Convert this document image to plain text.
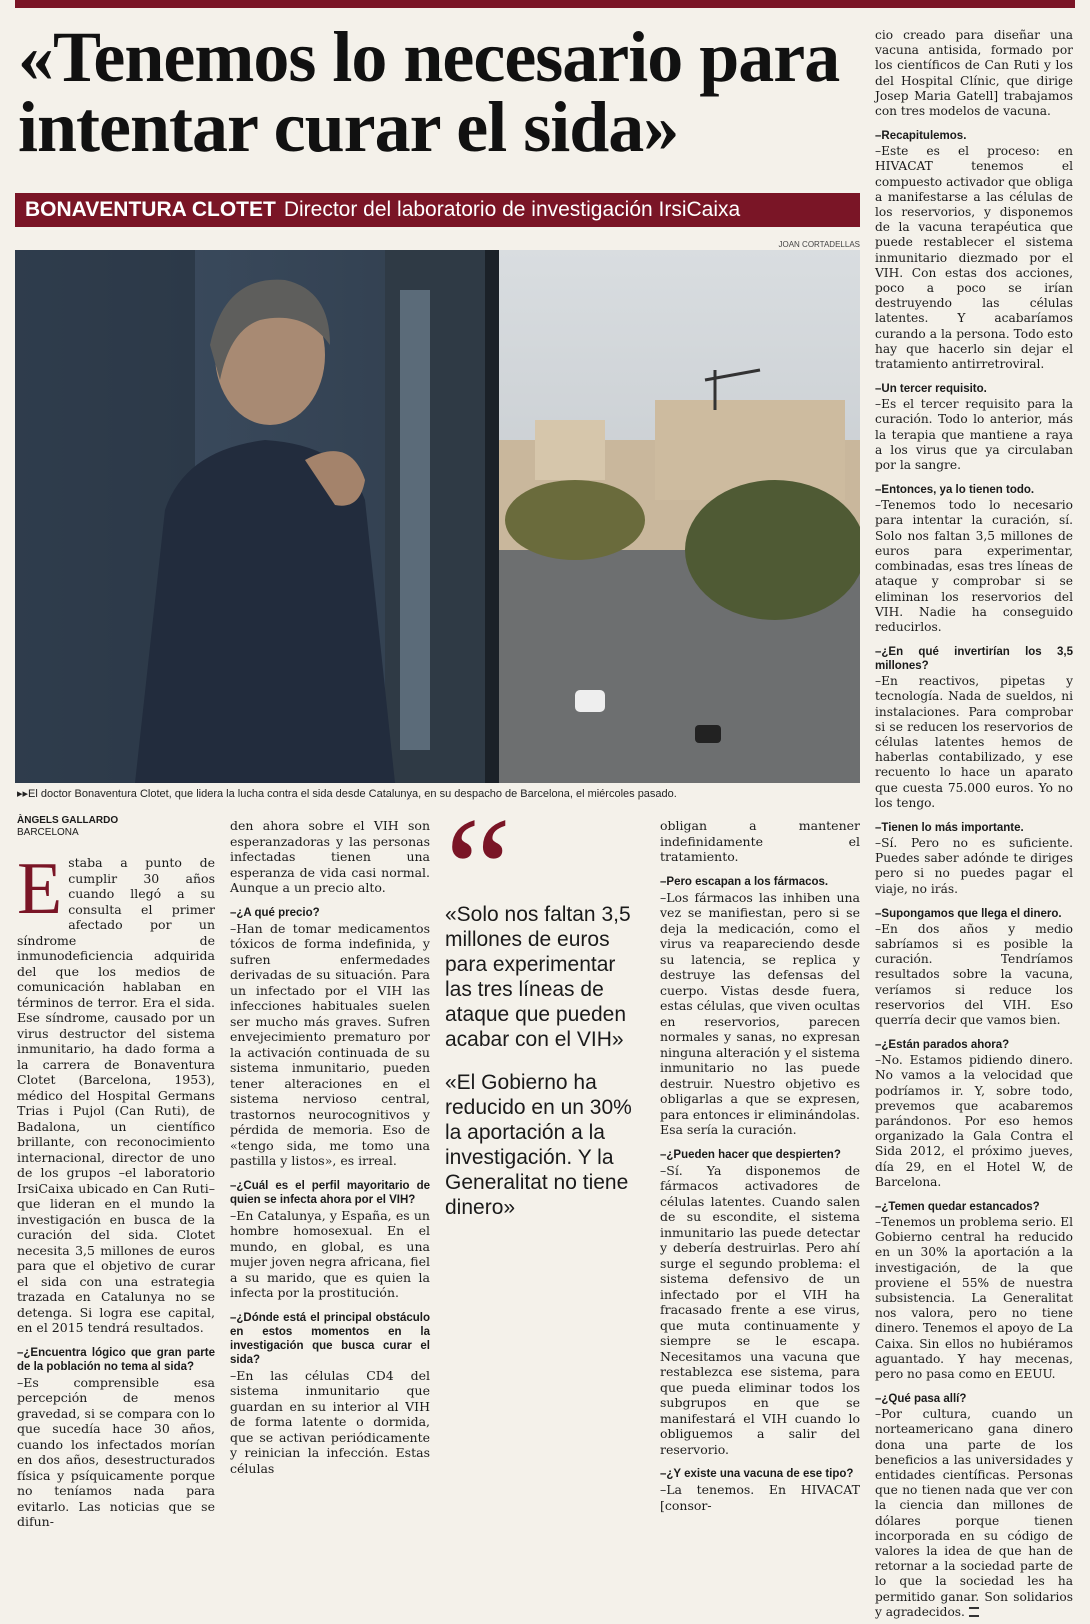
«Tenemos lo necesario para intentar curar el sida»
BONAVENTURA CLOTET Director del laboratorio de investigación IrsiCaixa
JOAN CORTADELLAS
▸▸El doctor Bonaventura Clotet, que lidera la lucha contra el sida desde Catalunya, en su despacho de Barcelona, el miércoles pasado.
ÀNGELS GALLARDO
BARCELONA

Estaba a punto de cumplir 30 años cuando llegó a su consulta el primer afectado por un síndrome de inmunodeficiencia adquirida del que los medios de comunicación hablaban en términos de terror. Era el sida. Ese síndrome, causado por un virus destructor del sistema inmunitario, ha dado forma a la carrera de Bonaventura Clotet (Barcelona, 1953), médico del Hospital Germans Trias i Pujol (Can Ruti), de Badalona, un científico brillante, con reconocimiento internacional, director de uno de los grupos –el laboratorio IrsiCaixa ubicado en Can Ruti– que lideran en el mundo la investigación en busca de la curación del sida. Clotet necesita 3,5 millones de euros para que el objetivo de curar el sida con una estrategia trazada en Catalunya no se detenga. Si logra ese capital, en el 2015 tendrá resultados.

–¿Encuentra lógico que gran parte de la población no tema al sida?

–Es comprensible esa percepción de menos gravedad, si se compara con lo que sucedía hace 30 años, cuando los infectados morían en dos años, desestructurados física y psíquicamente porque no teníamos nada para evitarlo. Las noticias que se difun-

den ahora sobre el VIH son esperanzadoras y las personas infectadas tienen una esperanza de vida casi normal. Aunque a un precio alto.

–¿A qué precio?

–Han de tomar medicamentos tóxicos de forma indefinida, y sufren enfermedades derivadas de su situación. Para un infectado por el VIH las infecciones habituales suelen ser mucho más graves. Sufren envejecimiento prematuro por la activación continuada de su sistema inmunitario, pueden tener alteraciones en el sistema nervioso central, trastornos neurocognitivos y pérdida de memoria. Eso de «tengo sida, me tomo una pastilla y listos», es irreal.

–¿Cuál es el perfil mayoritario de quien se infecta ahora por el VIH?

–En Catalunya, y España, es un hombre homosexual. En el mundo, en global, es una mujer joven negra africana, fiel a su marido, que es quien la infecta por la prostitución.

–¿Dónde está el principal obstáculo en estos momentos en la investigación que busca curar el sida?

–En las células CD4 del sistema inmunitario que guardan en su interior al VIH de forma latente o dormida, que se activan periódicamente y reinician la infección. Estas células

«Solo nos faltan 3,5 millones de euros para experimentar las tres líneas de ataque que pueden acabar con el VIH»

«El Gobierno ha reducido en un 30% la aportación a la investigación. Y la Generalitat no tiene dinero»

obligan a mantener indefinidamente el tratamiento.

–Pero escapan a los fármacos.

–Los fármacos las inhiben una vez se manifiestan, pero si se deja la medicación, como el virus va reapareciendo desde su latencia, se replica y destruye las defensas del cuerpo. Vistas desde fuera, estas células, que viven ocultas en reservorios, parecen normales y sanas, no expresan ninguna alteración y el sistema inmunitario no las puede destruir. Nuestro objetivo es obligarlas a que se expresen, para entonces ir eliminándolas. Esa sería la curación.

–¿Pueden hacer que despierten?

–Sí. Ya disponemos de fármacos activadores de células latentes. Cuando salen de su escondite, el sistema inmunitario las puede detectar y debería destruirlas. Pero ahí surge el segundo problema: el sistema defensivo de un infectado por el VIH ha fracasado frente a ese virus, que muta continuamente y siempre se le escapa. Necesitamos una vacuna que restablezca ese sistema, para que pueda eliminar todos los subgrupos en que se manifestará el VIH cuando lo obliguemos a salir del reservorio.

–¿Y existe una vacuna de ese tipo?

–La tenemos. En HIVACAT [consor-

cio creado para diseñar una vacuna antisida, formado por los científicos de Can Ruti y los del Hospital Clínic, que dirige Josep Maria Gatell] trabajamos con tres modelos de vacuna.

–Recapitulemos.

–Este es el proceso: en HIVACAT tenemos el compuesto activador que obliga a manifestarse a las células de los reservorios, y disponemos de la vacuna terapéutica que puede restablecer el sistema inmunitario diezmado por el VIH. Con estas dos acciones, poco a poco se irían destruyendo las células latentes. Y acabaríamos curando a la persona. Todo esto hay que hacerlo sin dejar el tratamiento antirretroviral.

–Un tercer requisito.

–Es el tercer requisito para la curación. Todo lo anterior, más la terapia que mantiene a raya a los virus que ya circulaban por la sangre.

–Entonces, ya lo tienen todo.

–Tenemos todo lo necesario para intentar la curación, sí. Solo nos faltan 3,5 millones de euros para experimentar, combinadas, esas tres líneas de ataque y comprobar si se eliminan los reservorios del VIH. Nadie ha conseguido reducirlos.

–¿En qué invertirían los 3,5 millones?

–En reactivos, pipetas y tecnología. Nada de sueldos, ni instalaciones. Para comprobar si se reducen los reservorios de células latentes hemos de haberlas contabilizado, y ese recuento lo hace un aparato que cuesta 75.000 euros. Yo no los tengo.

–Tienen lo más importante.

–Sí. Pero no es suficiente. Puedes saber adónde te diriges pero si no puedes pagar el viaje, no irás.

–Supongamos que llega el dinero.

–En dos años y medio sabríamos si es posible la curación. Tendríamos resultados sobre la vacuna, veríamos si reduce los reservorios del VIH. Eso querría decir que vamos bien.

–¿Están parados ahora?

–No. Estamos pidiendo dinero. No vamos a la velocidad que podríamos ir. Y, sobre todo, prevemos que acabaremos parándonos. Por eso hemos organizado la Gala Contra el Sida 2012, el próximo jueves, día 29, en el Hotel W, de Barcelona.

–¿Temen quedar estancados?

–Tenemos un problema serio. El Gobierno central ha reducido en un 30% la aportación a la investigación, de la que proviene el 55% de nuestra subsistencia. La Generalitat nos valora, pero no tiene dinero. Tenemos el apoyo de La Caixa. Sin ellos no hubiéramos aguantado. Y hay mecenas, pero no pasa como en EEUU.

–¿Qué pasa allí?

–Por cultura, cuando un norteamericano gana dinero dona una parte de los beneficios a las universidades y entidades científicas. Personas que no tienen nada que ver con la ciencia dan millones de dólares porque tienen incorporada en su código de valores la idea de que han de retornar a la sociedad parte de lo que la sociedad les ha permitido ganar. Son solidarios y agradecidos.
